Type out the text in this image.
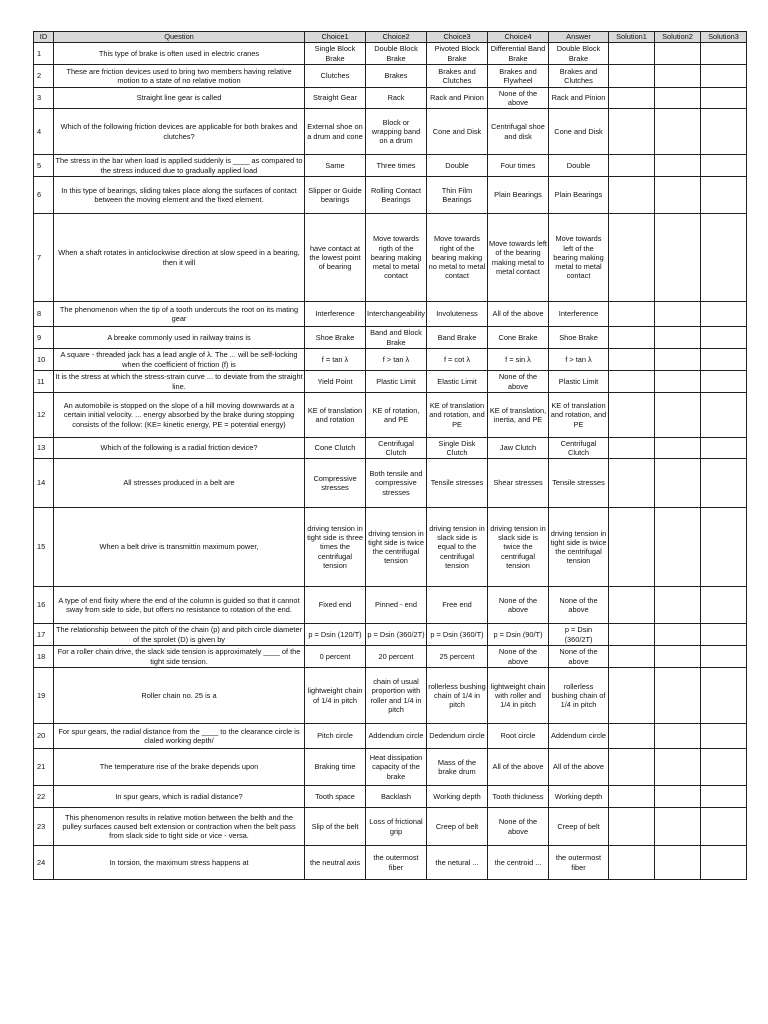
ID	Question	Choice1	Choice2	Choice3	Choice4	Answer	Solution1	Solution2	Solution3
1	This type of brake is often used in electric cranes	Single Block Brake	Double Block Brake	Pivoted Block Brake	Differential Band Brake	Double Block Brake			
2	These are friction devices used to bring two members having relative motion to a state of no relative motion	Clutches	Brakes	Brakes and Clutches	Brakes and Flywheel	Brakes and Clutches			
3	Straight line gear is called	Straight Gear	Rack	Rack and Pinion	None of the above	Rack and Pinion			
4	Which of the following friction devices are applicable for both brakes and clutches?	External shoe on a drum and cone	Block or wrapping band on a drum	Cone and Disk	Centrifugal shoe and disk	Cone and Disk			
5	The stress in the bar when load is applied suddenly is ____ as compared to the stress induced due to gradually applied load	Same	Three times	Double	Four times	Double			
6	In this type of bearings, sliding takes place along the surfaces of contact between the moving element and the fixed element.	Slipper or Guide bearings	Rolling Contact Bearings	Thin Film Bearings	Plain Bearings	Plain Bearings			
7	When a shaft rotates in anticlockwise direction at slow speed in a bearing, then it will	have contact at the lowest point of bearing	Move towards rigth of the bearing making metal to metal contact	Move towards right of the bearing making no metal to metal contact	Move towards left of the bearing making metal to metal contact	Move towards left of the bearing making metal to metal contact			
8	The phenomenon when the tip of a tooth undercuts the root on its mating gear	Interference	Interchangeability	Involuteness	All of the above	Interference			
9	A breake commonly used in railway trains is	Shoe Brake	Band and Block Brake	Band Brake	Cone Brake	Shoe Brake			
10	A square - threaded jack has a lead angle of λ. The ... will be self-locking when the coefficient of friction (f) is	f = tan λ	f > tan λ	f = cot λ	f = sin λ	f > tan λ			
11	It is the stress at which the stress-strain curve ... to deviate from the straight line.	Yield Point	Plastic Limit	Elastic Limit	None of the above	Plastic Limit			
12	An automobile is stopped on the slope of a hill moving downwards at a certain initial velocity. ... energy absorbed by the brake during stopping consists of the follow: (KE= kinetic energy, PE = potential energy)	KE of translation and rotation	KE of rotation, and PE	KE of translation and rotation, and PE	KE of translation, inertia, and PE	KE of translation and rotation, and PE			
13	Which of the following is a radial friction device?	Cone Clutch	Centrifugal Clutch	Single Disk Clutch	Jaw Clutch	Centrifugal Clutch			
14	All stresses produced in a belt are	Compressive stresses	Both tensile and compressive stresses	Tensile stresses	Shear stresses	Tensile stresses			
15	When a belt drive is transmittin maximum power,	driving tension in tight side is three times the centrifugal tension	driving tension in tight side is twice the centrifugal tension	driving tension in slack side is equal to the centrifugal tension	driving tension in slack side is twice the centrifugal tension	driving tension in tight side is twice the centrifugal tension			
16	A type of end fixity where the end of the column is guided so that it cannot sway from side to side, but offers no resistance to rotation of the end.	Fixed end	Pinned - end	Free end	None of the above	None of the above			
17	The relationship between the pitch of the chain (p) and pitch circle diameter of the sprolet (D) is given by	p = Dsin (120/T)	p = Dsin (360/2T)	p = Dsin (360/T)	p = Dsin (90/T)	p = Dsin (360/2T)			
18	For a roller chain drive, the slack side tension is approximately ____ of the tight side tension.	0 percent	20 percent	25 percent	None of the above	None of the above			
19	Roller chain no. 25 is a	lightweight chain of 1/4 in pitch	chain of usual proportion with roller and 1/4 in pitch	rollerless bushing chain of 1/4 in pitch	lightweight chain with roller and 1/4 in pitch	rollerless bushing chain of 1/4 in pitch			
20	For spur gears, the radial distance from the ____ to the clearance circle is claled working depth/	Pitch circle	Addendum circle	Dedendum circle	Root circle	Addendum circle			
21	The temperature rise of the brake depends upon	Braking time	Heat dissipation capacity of the brake	Mass of the brake drum	All of the above	All of the above			
22	In spur gears, which is radial distance?	Tooth space	Backlash	Working depth	Tooth thickness	Working depth			
23	This phenomenon results in relative motion between the belth and the pulley surfaces caused belt extension or contraction when the belt pass from slack side to tight side or vice - versa.	Slip of the belt	Loss of frictional grip	Creep of belt	None of the above	Creep of belt			
24	In torsion, the maximum stress happens at	the neutral axis	the outermost fiber	the netural ...	the centroid ...	the outermost fiber			
